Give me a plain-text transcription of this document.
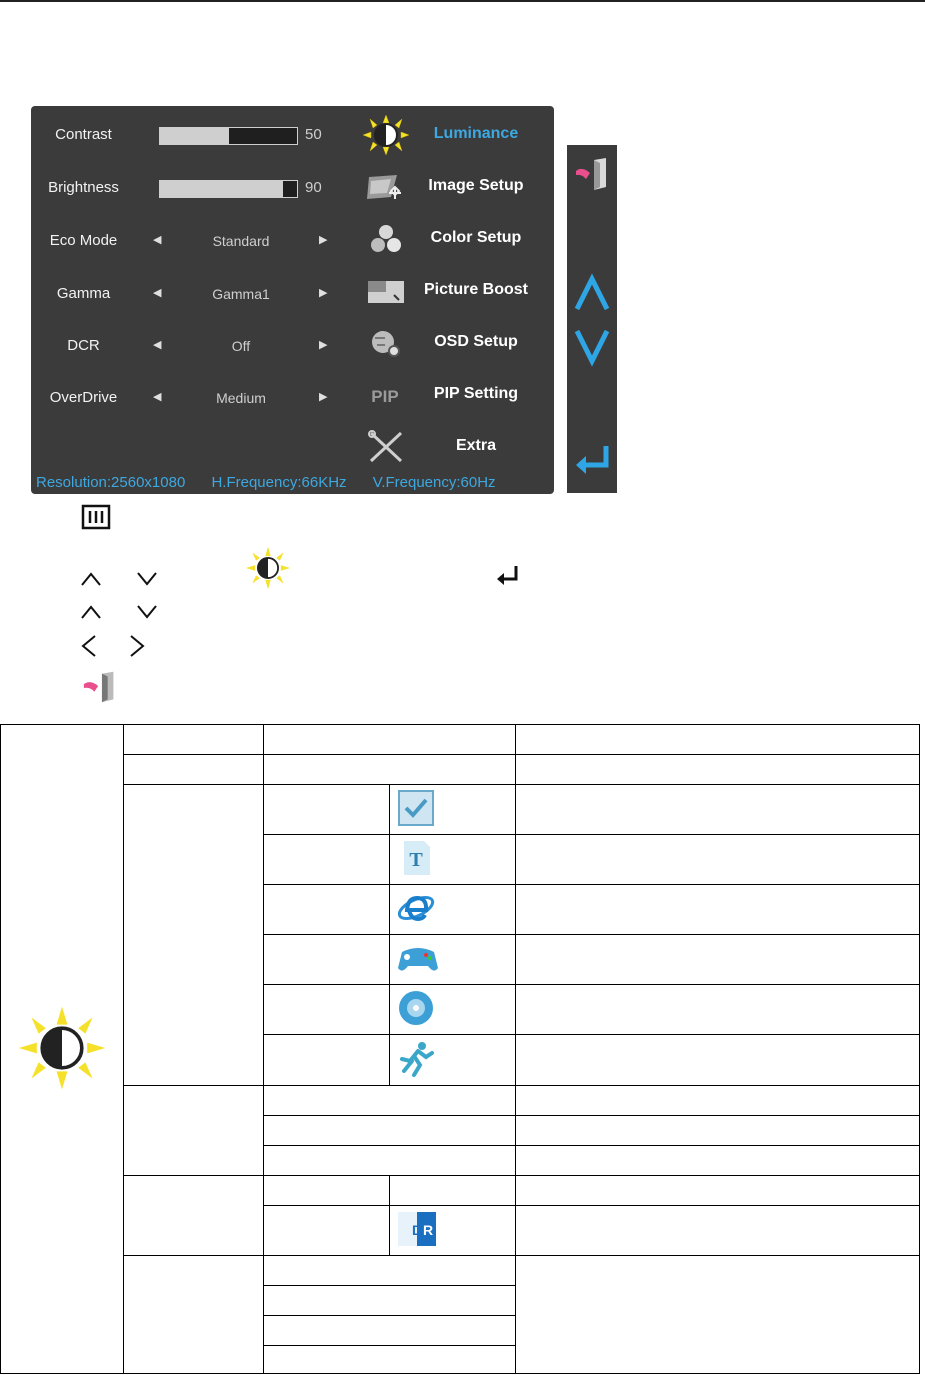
Contrast	50
Brightness	90
Eco Mode	◀	Standard	▶
Gamma	◀	Gamma1	▶
DCR	◀	Off	▶
OverDrive	◀	Medium	▶
Luminance
Image Setup
Color Setup
Picture Boost
OSD Setup
PIP	PIP Setting
Extra
Resolution:2560x1080 H.Frequency:66KHz V.Frequency:60Hz

T	

D R	
